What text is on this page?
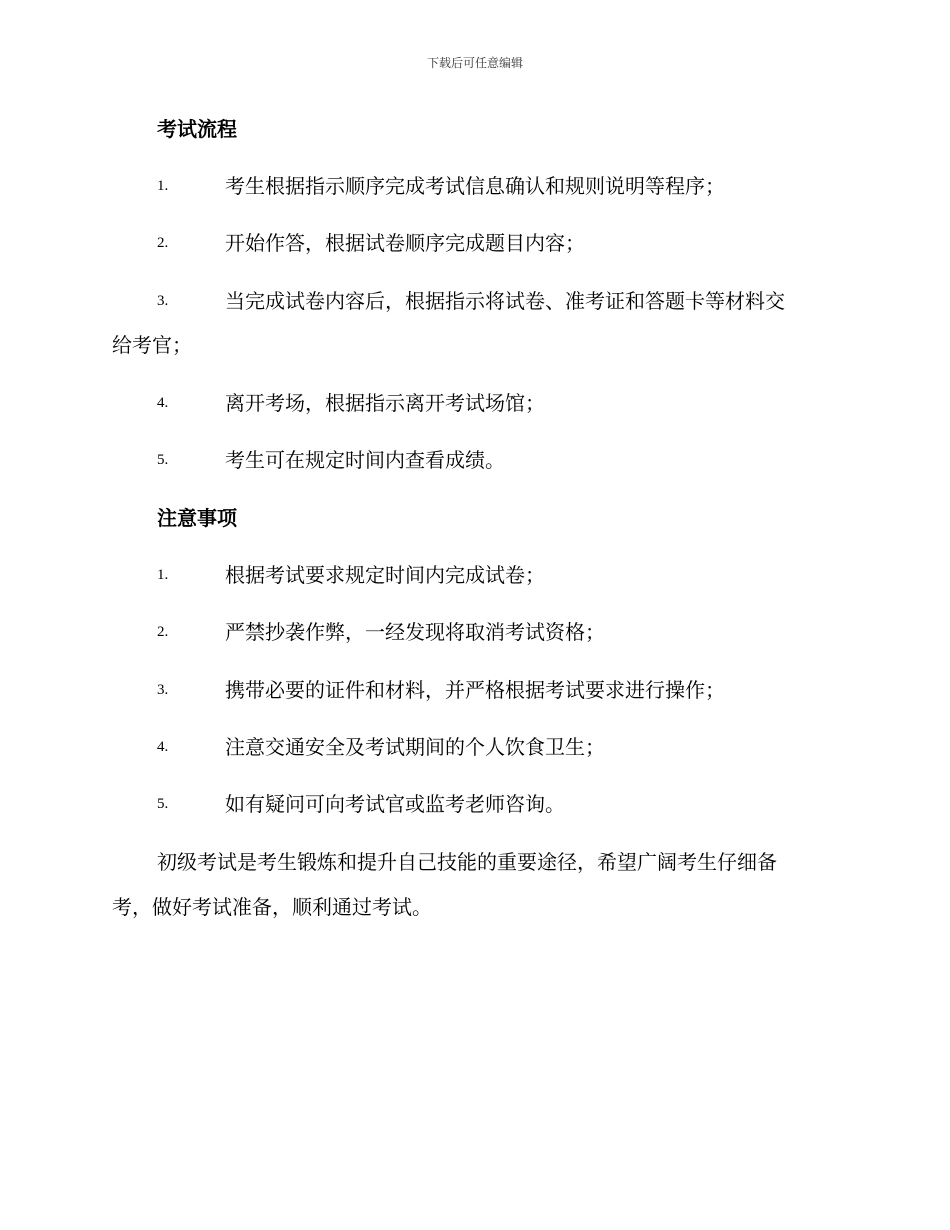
下载后可任意编辑
考试流程
1.	考生根据指示顺序完成考试信息确认和规则说明等程序；
2.	开始作答，根据试卷顺序完成题目内容；
3.	当完成试卷内容后，根据指示将试卷、准考证和答题卡等材料交
给考官；
4.	离开考场，根据指示离开考试场馆；
5.	考生可在规定时间内查看成绩。
注意事项
1.	根据考试要求规定时间内完成试卷；
2.	严禁抄袭作弊，一经发现将取消考试资格；
3.	携带必要的证件和材料，并严格根据考试要求进行操作；
4.	注意交通安全及考试期间的个人饮食卫生；
5.	如有疑问可向考试官或监考老师咨询。
初级考试是考生锻炼和提升自己技能的重要途径，希望广阔考生仔细备
考，做好考试准备，顺利通过考试。
